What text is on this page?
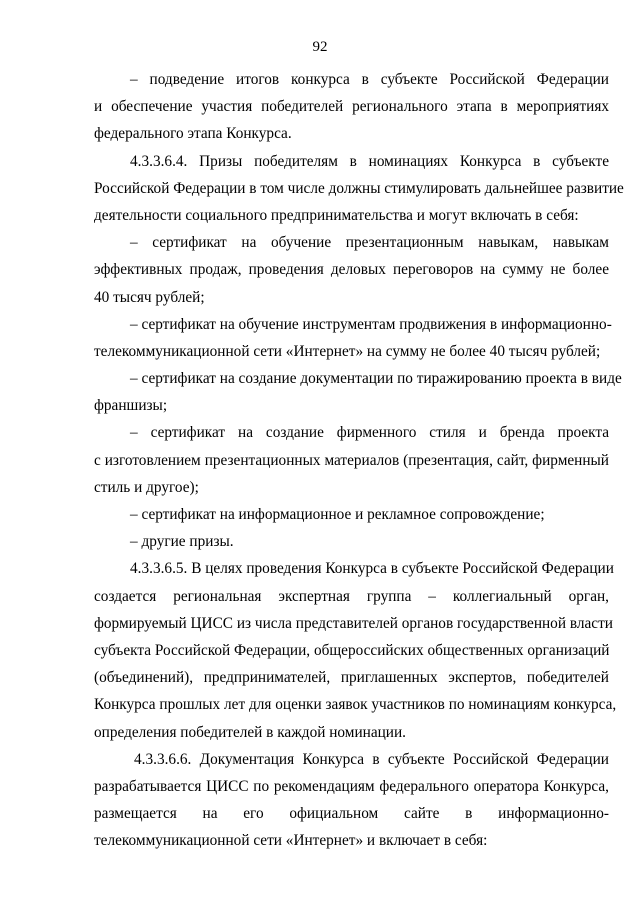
92
– подведение итогов конкурса в субъекте Российской Федерации
и обеспечение участия победителей регионального этапа в мероприятиях
федерального этапа Конкурса.
4.3.3.6.4. Призы победителям в номинациях Конкурса в субъекте
Российской Федерации в том числе должны стимулировать дальнейшее развитие
деятельности социального предпринимательства и могут включать в себя:
– сертификат на обучение презентационным навыкам, навыкам
эффективных продаж, проведения деловых переговоров на сумму не более
40 тысяч рублей;
– сертификат на обучение инструментам продвижения в информационно-
телекоммуникационной сети «Интернет» на сумму не более 40 тысяч рублей;
– сертификат на создание документации по тиражированию проекта в виде
франшизы;
– сертификат на создание фирменного стиля и бренда проекта
с изготовлением презентационных материалов (презентация, сайт, фирменный
стиль и другое);
– сертификат на информационное и рекламное сопровождение;
– другие призы.
4.3.3.6.5. В целях проведения Конкурса в субъекте Российской Федерации
создается региональная экспертная группа – коллегиальный орган,
формируемый ЦИСС из числа представителей органов государственной власти
субъекта Российской Федерации, общероссийских общественных организаций
(объединений), предпринимателей, приглашенных экспертов, победителей
Конкурса прошлых лет для оценки заявок участников по номинациям конкурса,
определения победителей в каждой номинации.
4.3.3.6.6. Документация Конкурса в субъекте Российской Федерации
разрабатывается ЦИСС по рекомендациям федерального оператора Конкурса,
размещается на его официальном сайте в информационно-
телекоммуникационной сети «Интернет» и включает в себя:
